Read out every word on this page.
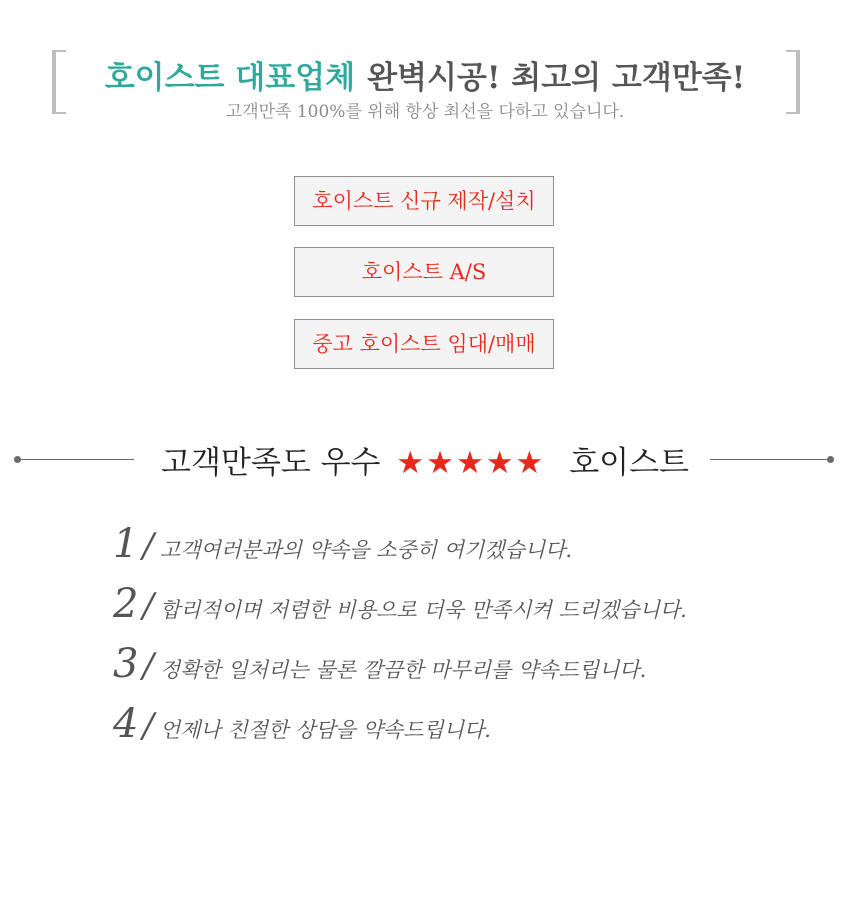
호이스트 대표업체 완벽시공! 최고의 고객만족!
고객만족 100%를 위해 항상 최선을 다하고 있습니다.
호이스트 신규 제작/설치
호이스트 A/S
중고 호이스트 임대/매매
고객만족도 우수 ★★★★★ 호이스트
1 / 고객여러분과의 약속을 소중히 여기겠습니다.
2 / 합리적이며 저렴한 비용으로 더욱 만족시켜 드리겠습니다.
3 / 정확한 일처리는 물론 깔끔한 마무리를 약속드립니다.
4 / 언제나 친절한 상담을 약속드립니다.
